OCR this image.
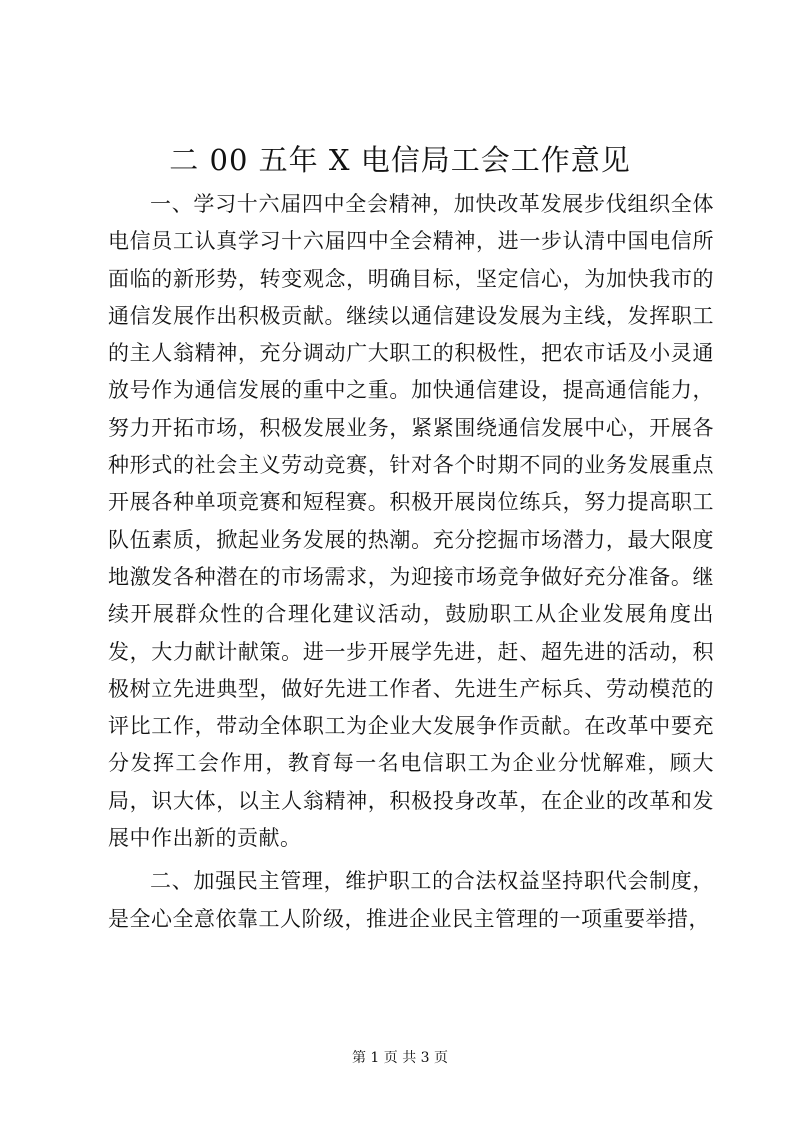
二 00 五年 X 电信局工会工作意见

一、学习十六届四中全会精神，加快改革发展步伐组织全体电信员工认真学习十六届四中全会精神，进一步认清中国电信所面临的新形势，转变观念，明确目标，坚定信心，为加快我市的通信发展作出积极贡献。继续以通信建设发展为主线，发挥职工的主人翁精神，充分调动广大职工的积极性，把农市话及小灵通放号作为通信发展的重中之重。加快通信建设，提高通信能力，努力开拓市场，积极发展业务，紧紧围绕通信发展中心，开展各种形式的社会主义劳动竞赛，针对各个时期不同的业务发展重点开展各种单项竞赛和短程赛。积极开展岗位练兵，努力提高职工队伍素质，掀起业务发展的热潮。充分挖掘市场潜力，最大限度地激发各种潜在的市场需求，为迎接市场竞争做好充分准备。继续开展群众性的合理化建议活动，鼓励职工从企业发展角度出发，大力献计献策。进一步开展学先进，赶、超先进的活动，积极树立先进典型，做好先进工作者、先进生产标兵、劳动模范的评比工作，带动全体职工为企业大发展争作贡献。在改革中要充分发挥工会作用，教育每一名电信职工为企业分忧解难，顾大局，识大体，以主人翁精神，积极投身改革，在企业的改革和发展中作出新的贡献。

二、加强民主管理，维护职工的合法权益坚持职代会制度，是全心全意依靠工人阶级，推进企业民主管理的一项重要举措，

第 1 页 共 3 页
